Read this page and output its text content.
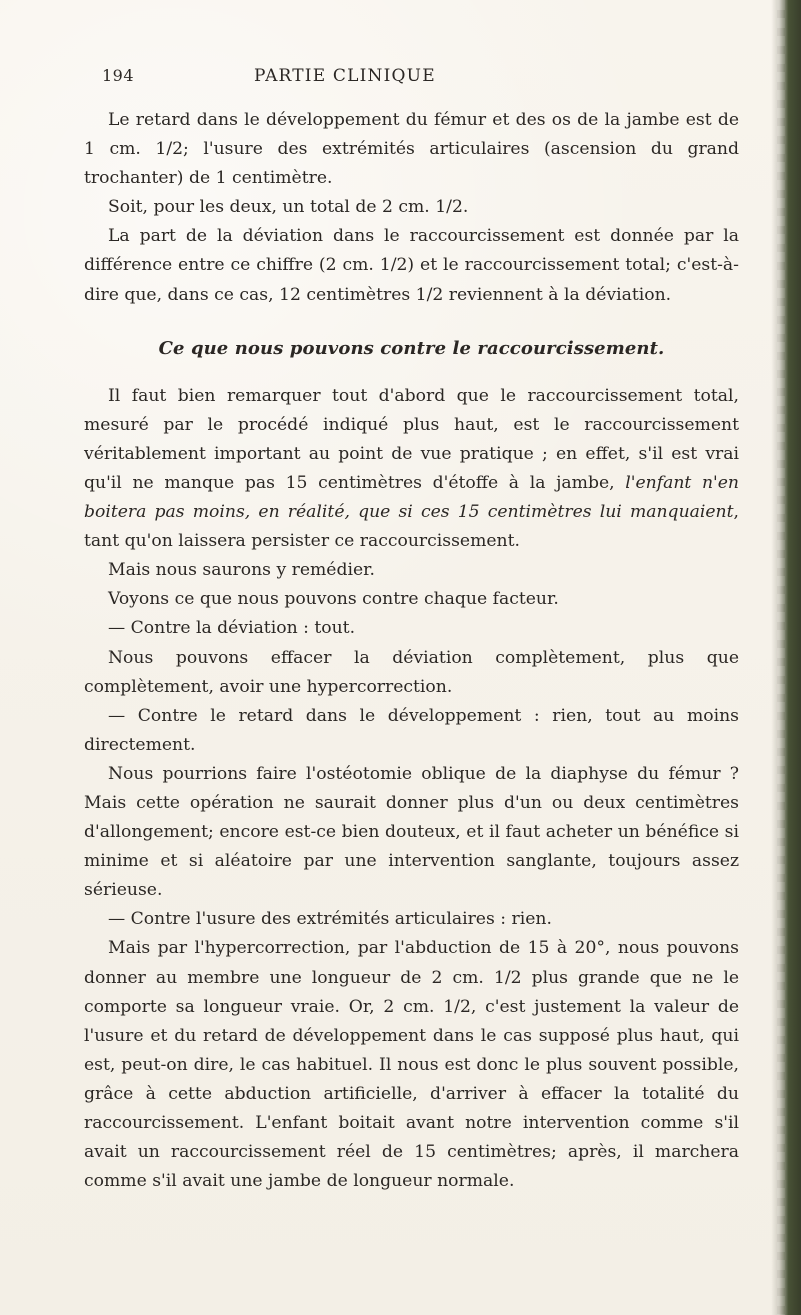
194	PARTIE CLINIQUE

Le retard dans le développement du fémur et des os de la jambe est de 1 cm. 1/2; l'usure des extrémités articulaires (ascension du grand trochanter) de 1 centimètre.

Soit, pour les deux, un total de 2 cm. 1/2.

La part de la déviation dans le raccourcissement est donnée par la différence entre ce chiffre (2 cm. 1/2) et le raccourcissement total; c'est-à-dire que, dans ce cas, 12 centimètres 1/2 reviennent à la déviation.

Ce que nous pouvons contre le raccourcissement.

Il faut bien remarquer tout d'abord que le raccourcissement total, mesuré par le procédé indiqué plus haut, est le raccourcissement véritablement important au point de vue pratique ; en effet, s'il est vrai qu'il ne manque pas 15 centimètres d'étoffe à la jambe, l'enfant n'en boitera pas moins, en réalité, que si ces 15 centimètres lui manquaient, tant qu'on laissera persister ce raccourcissement.

Mais nous saurons y remédier.

Voyons ce que nous pouvons contre chaque facteur.

— Contre la déviation : tout.

Nous pouvons effacer la déviation complètement, plus que complètement, avoir une hypercorrection.

— Contre le retard dans le développement : rien, tout au moins directement.

Nous pourrions faire l'ostéotomie oblique de la diaphyse du fémur ? Mais cette opération ne saurait donner plus d'un ou deux centimètres d'allongement; encore est-ce bien douteux, et il faut acheter un bénéfice si minime et si aléatoire par une intervention sanglante, toujours assez sérieuse.

— Contre l'usure des extrémités articulaires : rien.

Mais par l'hypercorrection, par l'abduction de 15 à 20°, nous pouvons donner au membre une longueur de 2 cm. 1/2 plus grande que ne le comporte sa longueur vraie. Or, 2 cm. 1/2, c'est justement la valeur de l'usure et du retard de développement dans le cas supposé plus haut, qui est, peut-on dire, le cas habituel. Il nous est donc le plus souvent possible, grâce à cette abduction artificielle, d'arriver à effacer la totalité du raccourcissement. L'enfant boitait avant notre intervention comme s'il avait un raccourcissement réel de 15 centimètres; après, il marchera comme s'il avait une jambe de longueur normale.
